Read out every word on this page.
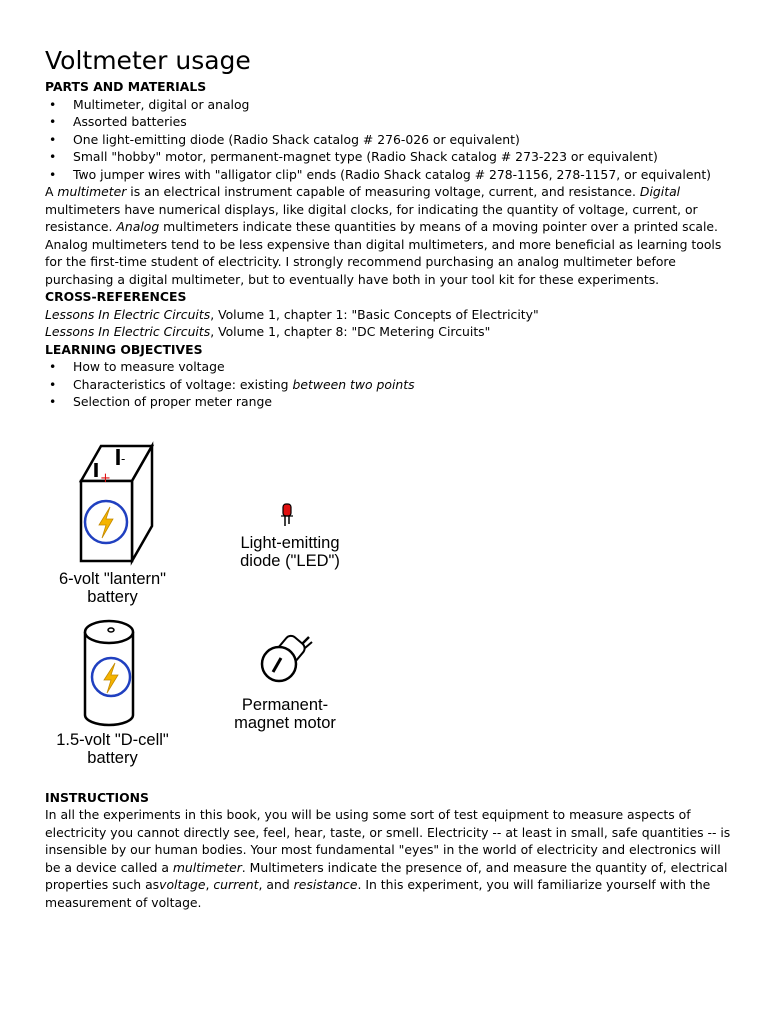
Voltmeter usage
PARTS AND MATERIALS
• Multimeter, digital or analog
• Assorted batteries
• One light-emitting diode (Radio Shack catalog # 276-026 or equivalent)
• Small "hobby" motor, permanent-magnet type (Radio Shack catalog # 273-223 or equivalent)
• Two jumper wires with "alligator clip" ends (Radio Shack catalog # 278-1156, 278-1157, or equivalent)

A multimeter is an electrical instrument capable of measuring voltage, current, and resistance. Digital multimeters have numerical displays, like digital clocks, for indicating the quantity of voltage, current, or resistance. Analog multimeters indicate these quantities by means of a moving pointer over a printed scale.

Analog multimeters tend to be less expensive than digital multimeters, and more beneficial as learning tools for the first-time student of electricity. I strongly recommend purchasing an analog multimeter before purchasing a digital multimeter, but to eventually have both in your tool kit for these experiments.

CROSS-REFERENCES

Lessons In Electric Circuits, Volume 1, chapter 1: "Basic Concepts of Electricity"

Lessons In Electric Circuits, Volume 1, chapter 8: "DC Metering Circuits"

LEARNING OBJECTIVES
• How to measure voltage
• Characteristics of voltage: existing between two points
• Selection of proper meter range
-
+
6-volt "lantern"
battery
Light-emitting
diode ("LED")
1.5-volt "D-cell"
battery
Permanent-
magnet motor
INSTRUCTIONS

In all the experiments in this book, you will be using some sort of test equipment to measure aspects of electricity you cannot directly see, feel, hear, taste, or smell. Electricity -- at least in small, safe quantities -- is insensible by our human bodies. Your most fundamental "eyes" in the world of electricity and electronics will be a device called a multimeter. Multimeters indicate the presence of, and measure the quantity of, electrical properties such asvoltage, current, and resistance. In this experiment, you will familiarize yourself with the measurement of voltage.
